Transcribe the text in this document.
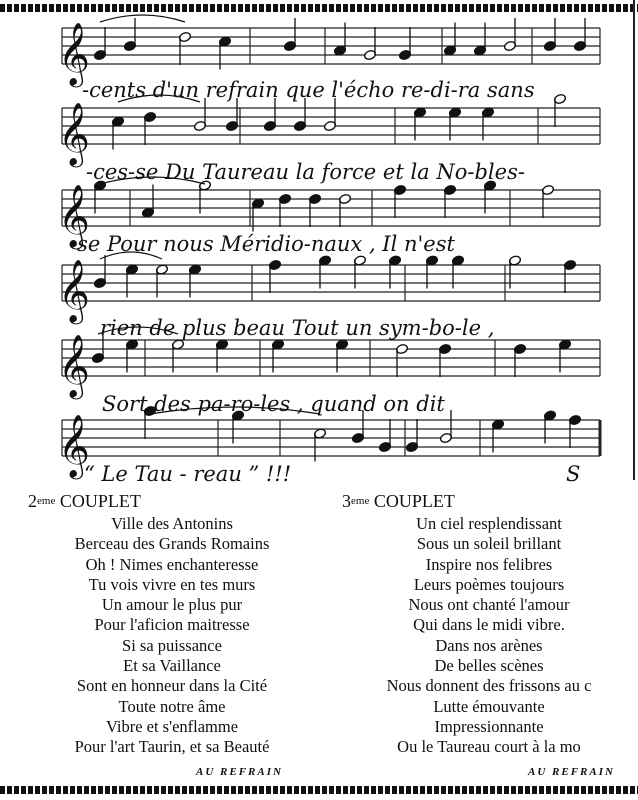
𝄞
𝄞
𝄞
𝄞
𝄞
𝄞
-cents d'un refrain que l'écho re-di-ra sans
-ces-se Du Taureau la force et la No-bles-
-se Pour nous Méridio-naux , Il n'est
rien de plus beau Tout un sym-bo-le ,
Sort des pa-ro-les , quand on dit
“ Le Tau - reau ” !!!	S
2eme COUPLET
Ville des Antonins
Berceau des Grands Romains
Oh ! Nimes enchanteresse
Tu vois vivre en tes murs
Un amour le plus pur
Pour l'aficion maitresse
Si sa puissance
Et sa Vaillance
Sont en honneur dans la Cité
Toute notre âme
Vibre et s'enflamme
Pour l'art Taurin, et sa Beauté
3eme COUPLET
Un ciel resplendissant
Sous un soleil brillant
Inspire nos felibres
Leurs poèmes toujours
Nous ont chanté l'amour
Qui dans le midi vibre.
Dans nos arènes
De belles scènes
Nous donnent des frissons au c
Lutte émouvante
Impressionnante
Ou le Taureau court à la mo
AU REFRAIN	AU REFRAIN
